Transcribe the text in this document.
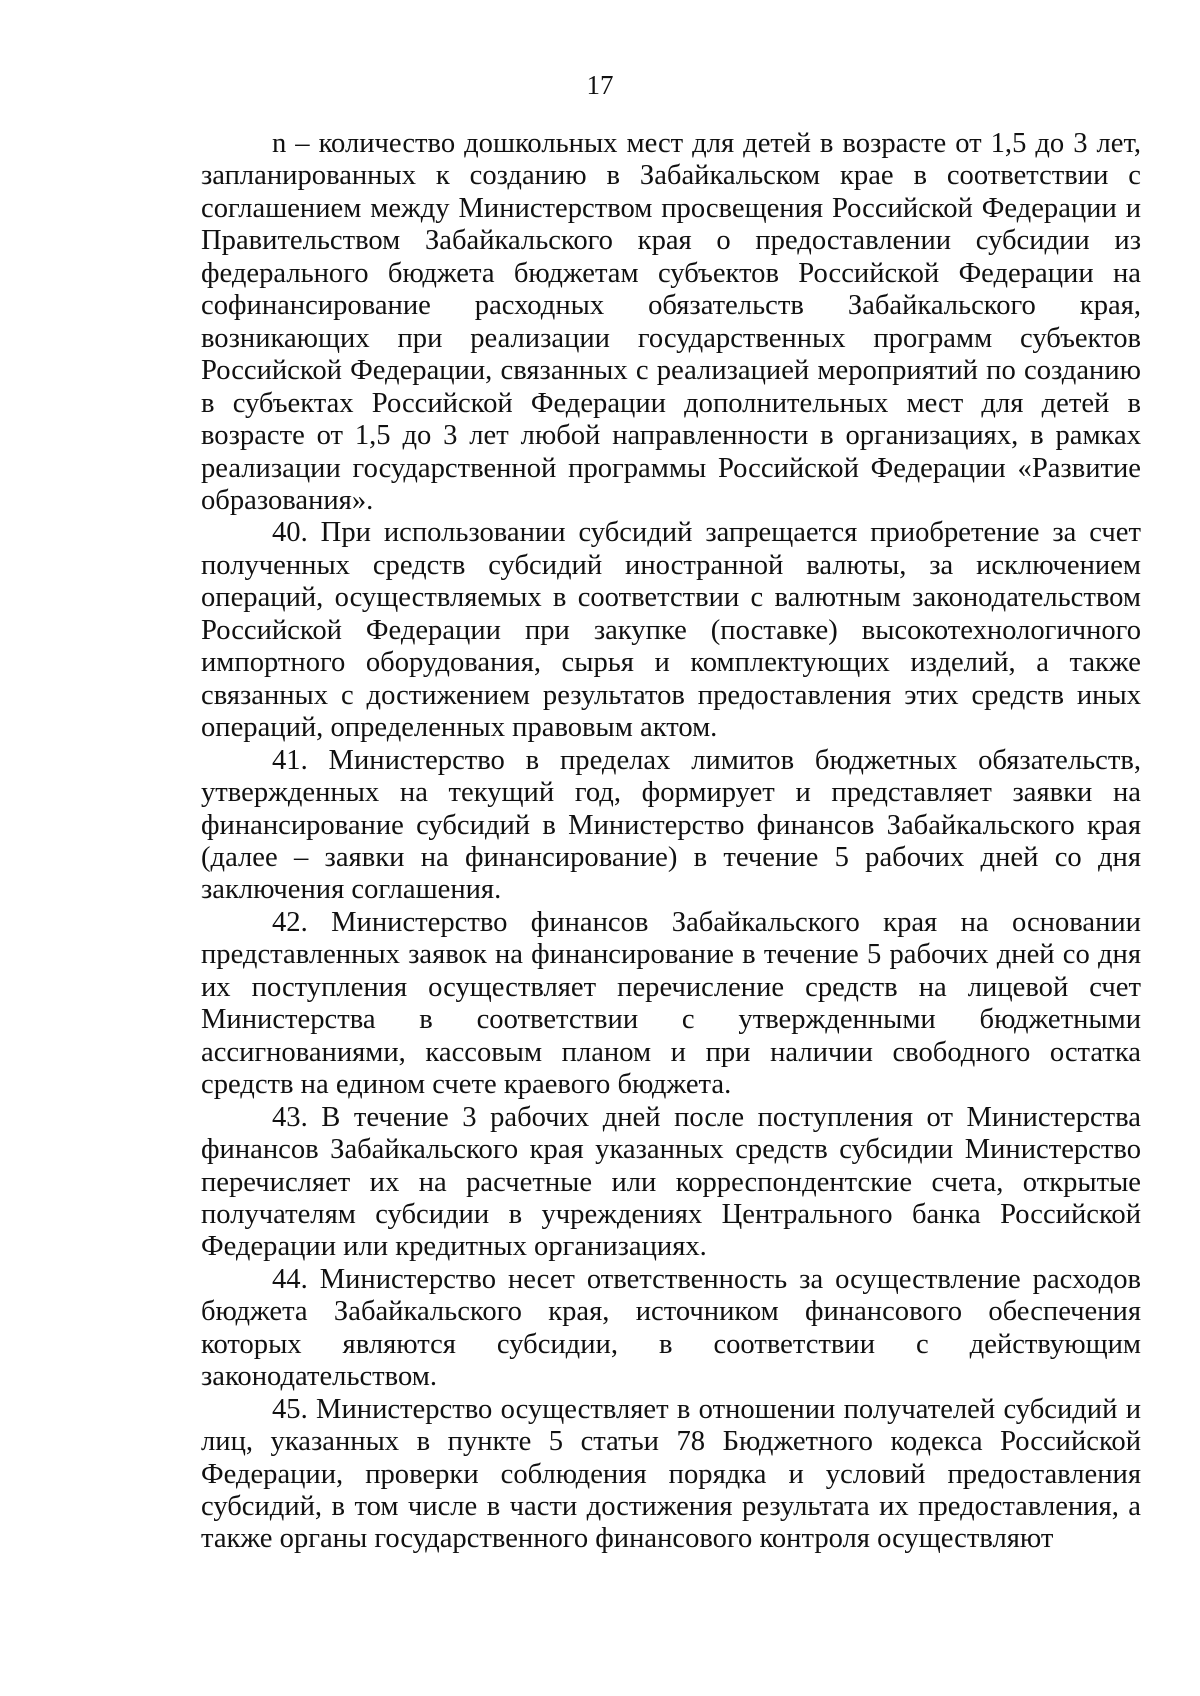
17

n – количество дошкольных мест для детей в возрасте от 1,5 до 3 лет, запланированных к созданию в Забайкальском крае в соответствии с соглашением между Министерством просвещения Российской Федерации и Правительством Забайкальского края о предоставлении субсидии из федерального бюджета бюджетам субъектов Российской Федерации на софинансирование расходных обязательств Забайкальского края, возникающих при реализации государственных программ субъектов Российской Федерации, связанных с реализацией мероприятий по созданию в субъектах Российской Федерации дополнительных мест для детей в возрасте от 1,5 до 3 лет любой направленности в организациях, в рамках реализации государственной программы Российской Федерации «Развитие образования».

40. При использовании субсидий запрещается приобретение за счет полученных средств субсидий иностранной валюты, за исключением операций, осуществляемых в соответствии с валютным законодательством Российской Федерации при закупке (поставке) высокотехнологичного импортного оборудования, сырья и комплектующих изделий, а также связанных с достижением результатов предоставления этих средств иных операций, определенных правовым актом.

41. Министерство в пределах лимитов бюджетных обязательств, утвержденных на текущий год, формирует и представляет заявки на финансирование субсидий в Министерство финансов Забайкальского края (далее – заявки на финансирование) в течение 5 рабочих дней со дня заключения соглашения.

42. Министерство финансов Забайкальского края на основании представленных заявок на финансирование в течение 5 рабочих дней со дня их поступления осуществляет перечисление средств на лицевой счет Министерства в соответствии с утвержденными бюджетными ассигнованиями, кассовым планом и при наличии свободного остатка средств на едином счете краевого бюджета.

43. В течение 3 рабочих дней после поступления от Министерства финансов Забайкальского края указанных средств субсидии Министерство перечисляет их на расчетные или корреспондентские счета, открытые получателям субсидии в учреждениях Центрального банка Российской Федерации или кредитных организациях.

44. Министерство несет ответственность за осуществление расходов бюджета Забайкальского края, источником финансового обеспечения которых являются субсидии, в соответствии с действующим законодательством.

45. Министерство осуществляет в отношении получателей субсидий и лиц, указанных в пункте 5 статьи 78 Бюджетного кодекса Российской Федерации, проверки соблюдения порядка и условий предоставления субсидий, в том числе в части достижения результата их предоставления, а также органы государственного финансового контроля осуществляют
